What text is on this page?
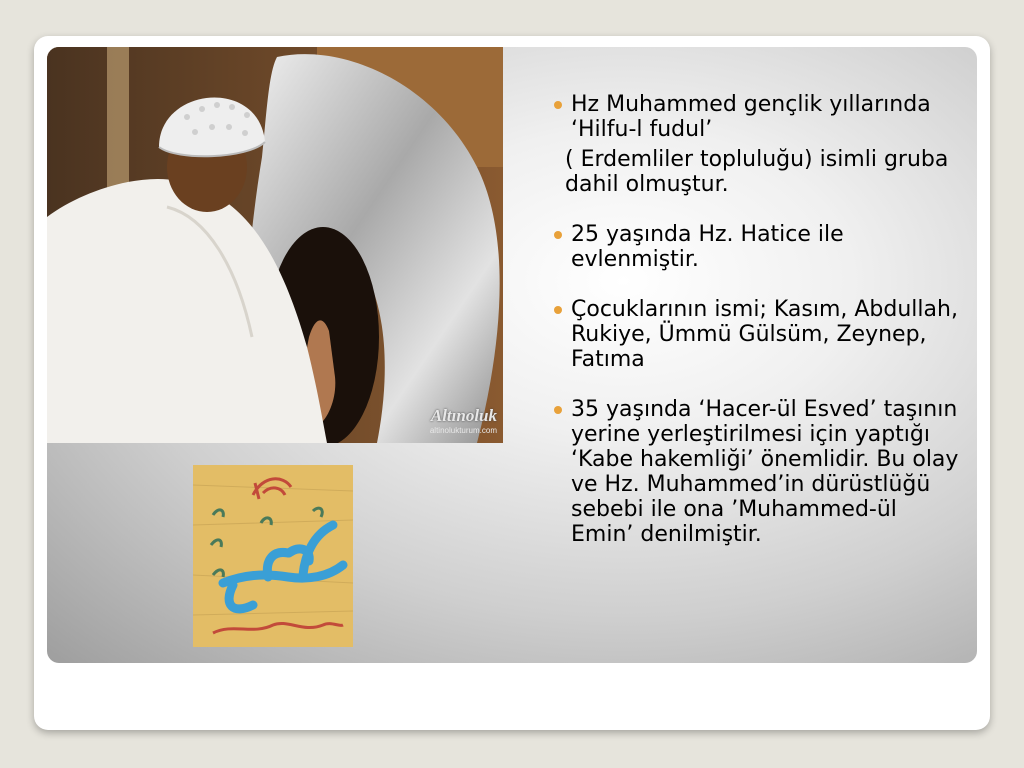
Altınoluk
altinolukturum.com
Hz Muhammed gençlik yıllarında ‘Hilfu-l fudul’
( Erdemliler topluluğu) isimli gruba dahil olmuştur.
25 yaşında Hz. Hatice ile evlenmiştir.
Çocuklarının ismi; Kasım, Abdullah, Rukiye, Ümmü Gülsüm, Zeynep, Fatıma
35 yaşında ‘Hacer-ül Esved’ taşının yerine yerleştirilmesi için yaptığı ‘Kabe hakemliği’ önemlidir. Bu olay ve Hz. Muhammed’in dürüstlüğü sebebi ile ona ’Muhammed-ül Emin’ denilmiştir.
